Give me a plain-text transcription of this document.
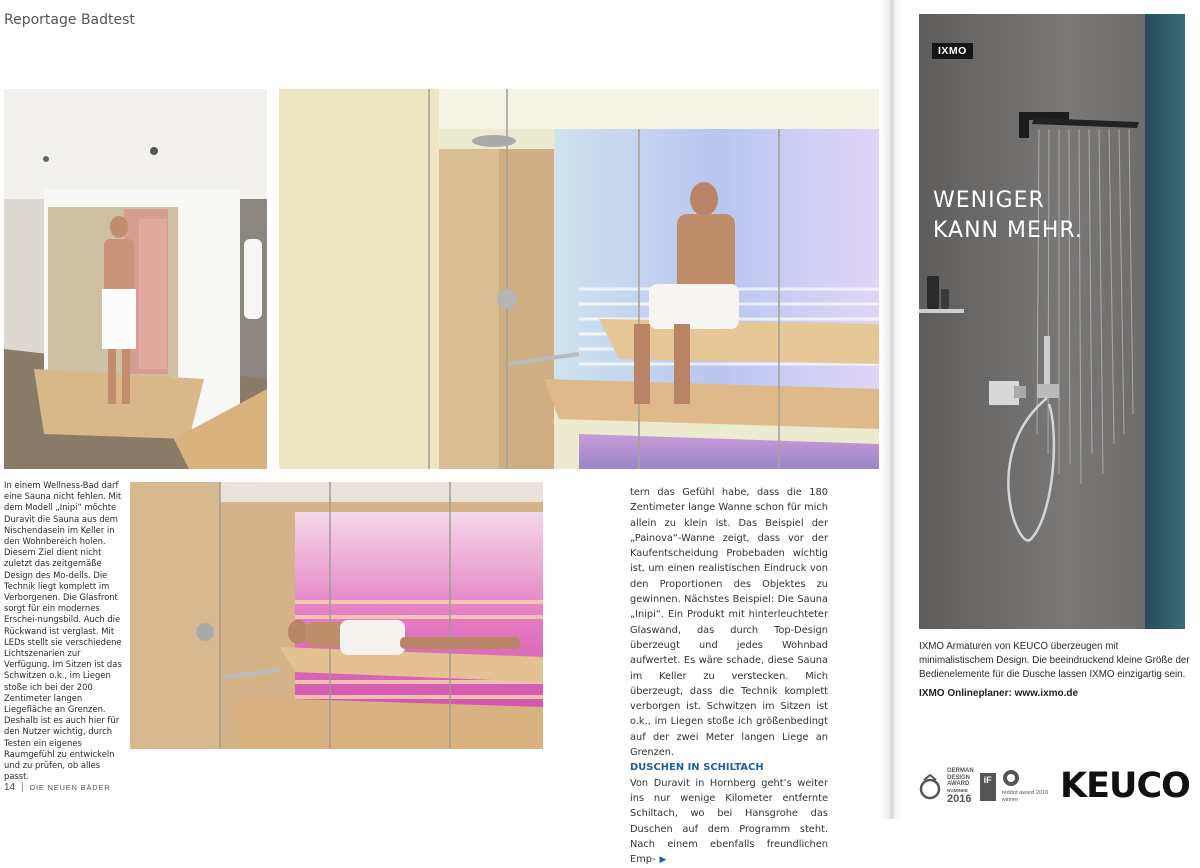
Reportage Badtest

In einem Wellness-Bad darf eine Sauna nicht fehlen. Mit dem Modell „Inipi“ möchte Duravit die Sauna aus dem Nischendasein im Keller in den Wohnbereich holen. Diesem Ziel dient nicht zuletzt das zeitgemäße Design des Mo-dells. Die Technik liegt komplett im Verborgenen. Die Glasfront sorgt für ein modernes Erschei-nungsbild. Auch die Rückwand ist verglast. Mit LEDs stellt sie verschiedene Lichtszenarien zur Verfügung. Im Sitzen ist das Schwitzen o.k., im Liegen stoße ich bei der 200 Zentimeter langen Liegefläche an Grenzen. Deshalb ist es auch hier für den Nutzer wichtig, durch Testen ein eigenes Raumgefühl zu entwickeln und zu prüfen, ob alles passt.

tern das Gefühl habe, dass die 180 Zentimeter lange Wanne schon für mich allein zu klein ist. Das Beispiel der „Painova“-Wanne zeigt, dass vor der Kaufentscheidung Probebaden wichtig ist, um einen realistischen Eindruck von den Proportionen des Objektes zu gewinnen. Nächstes Beispiel: Die Sauna „Inipi“. Ein Produkt mit hinterleuchteter Glaswand, das durch Top-Design überzeugt und jedes Wohnbad aufwertet. Es wäre schade, diese Sauna im Keller zu verstecken. Mich überzeugt, dass die Technik komplett verborgen ist. Schwitzen im Sitzen ist o.k., im Liegen stoße ich größenbedingt auf der zwei Meter langen Liege an Grenzen.

DUSCHEN IN SCHILTACH

Von Duravit in Hornberg geht’s weiter ins nur wenige Kilometer entfernte Schiltach, wo bei Hansgrohe das Duschen auf dem Programm steht. Nach einem ebenfalls freundlichen Emp- ▶

14 | DIE NEUEN BÄDER
IXMO
WENIGER
KANN MEHR.
IXMO Armaturen von KEUCO überzeugen mit minimalistischem Design. Die beeindruckend kleine Größe der Bedienelemente für die Dusche lassen IXMO einzigartig sein.
IXMO Onlineplaner: www.ixmo.de
GERMAN
DESIGN
AWARD
NOMINEE
2016
iF

reddot award 2016
winner	KEUCO
